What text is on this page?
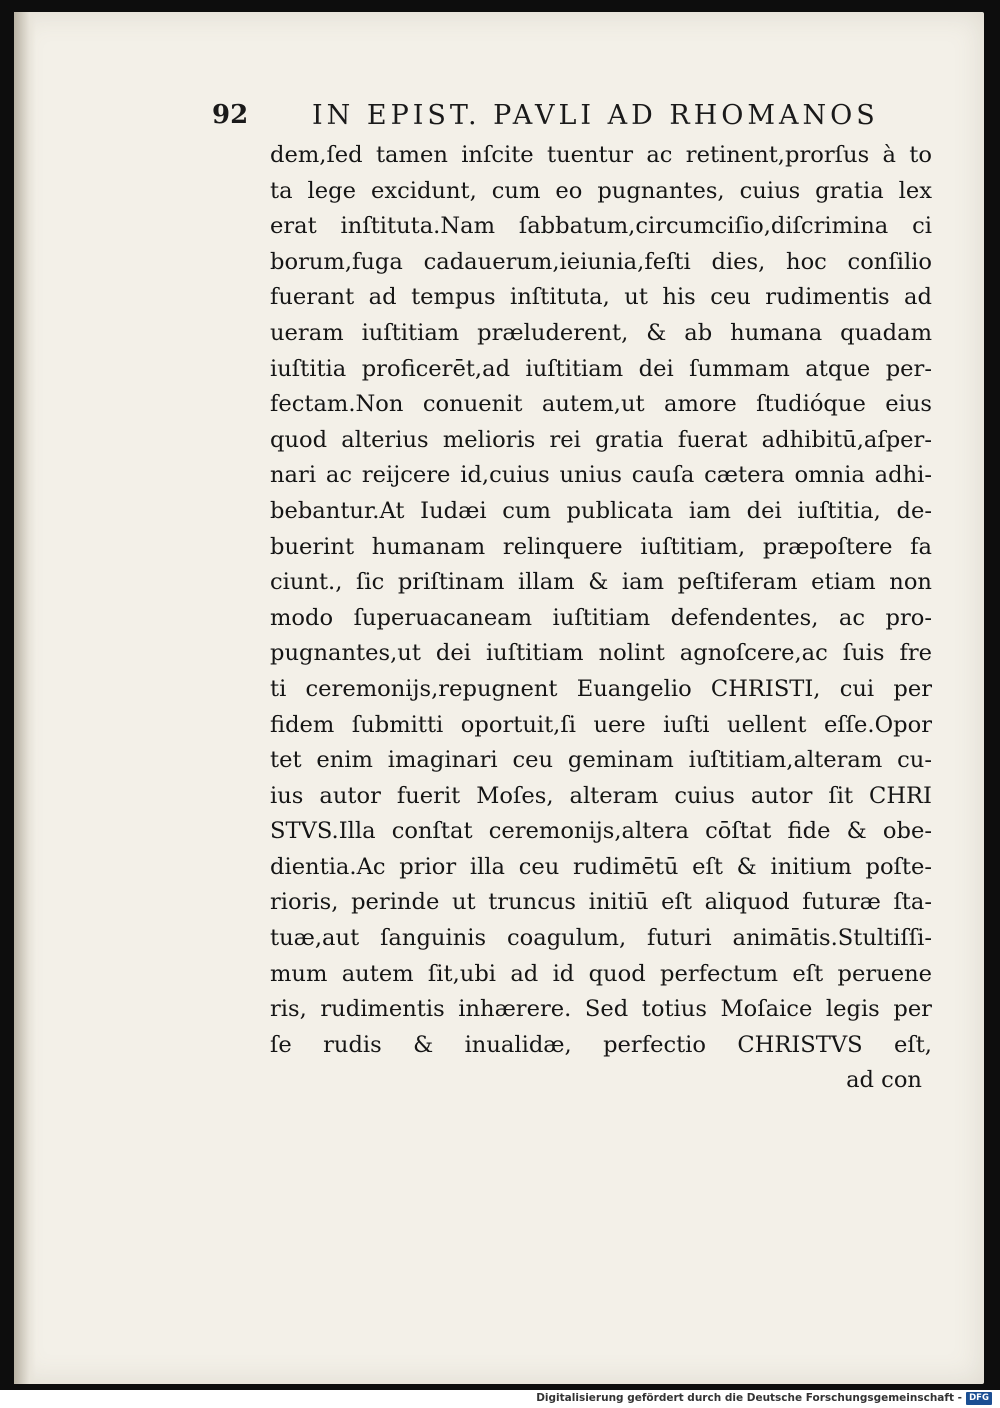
92 IN EPIST. PAVLI AD RHOMANOS
dem,ſed tamen inſcite tuentur ac retinent,prorſus à to
ta lege excidunt, cum eo pugnantes, cuius gratia lex
erat inſtituta.Nam ſabbatum,circumciſio,diſcrimina ci
borum,fuga cadauerum,ieiunia,feſti dies, hoc conſilio
fuerant ad tempus inſtituta, ut his ceu rudimentis ad
ueram iuſtitiam præluderent, & ab humana quadam
iuſtitia proficerēt,ad iuſtitiam dei ſummam atque per-
fectam.Non conuenit autem,ut amore ſtudióque eius
quod alterius melioris rei gratia fuerat adhibitū,aſper-
nari ac reijcere id,cuius unius cauſa cætera omnia adhi-
bebantur.At Iudæi cum publicata iam dei iuſtitia, de-
buerint humanam relinquere iuſtitiam, præpoſtere fa
ciunt., ſic priſtinam illam & iam peſtiferam etiam non
modo ſuperuacaneam iuſtitiam defendentes, ac pro-
pugnantes,ut dei iuſtitiam nolint agnoſcere,ac ſuis fre
ti ceremonijs,repugnent Euangelio CHRISTI, cui per
fidem ſubmitti oportuit,ſi uere iuſti uellent eſſe.Opor
tet enim imaginari ceu geminam iuſtitiam,alteram cu-
ius autor fuerit Moſes, alteram cuius autor ſit CHRI
STVS.Illa conſtat ceremonijs,altera cōſtat fide & obe-
dientia.Ac prior illa ceu rudimētū eſt & initium poſte-
rioris, perinde ut truncus initiū eſt aliquod futuræ ſta-
tuæ,aut ſanguinis coagulum, futuri animātis.Stultiſſi-
mum autem ſit,ubi ad id quod perfectum eſt peruene
ris, rudimentis inhærere. Sed totius Moſaice legis per
ſe rudis & inualidæ, perfectio CHRISTVS eſt,
ad con
Digitalisierung gefördert durch die Deutsche Forschungsgemeinschaft - DFG
